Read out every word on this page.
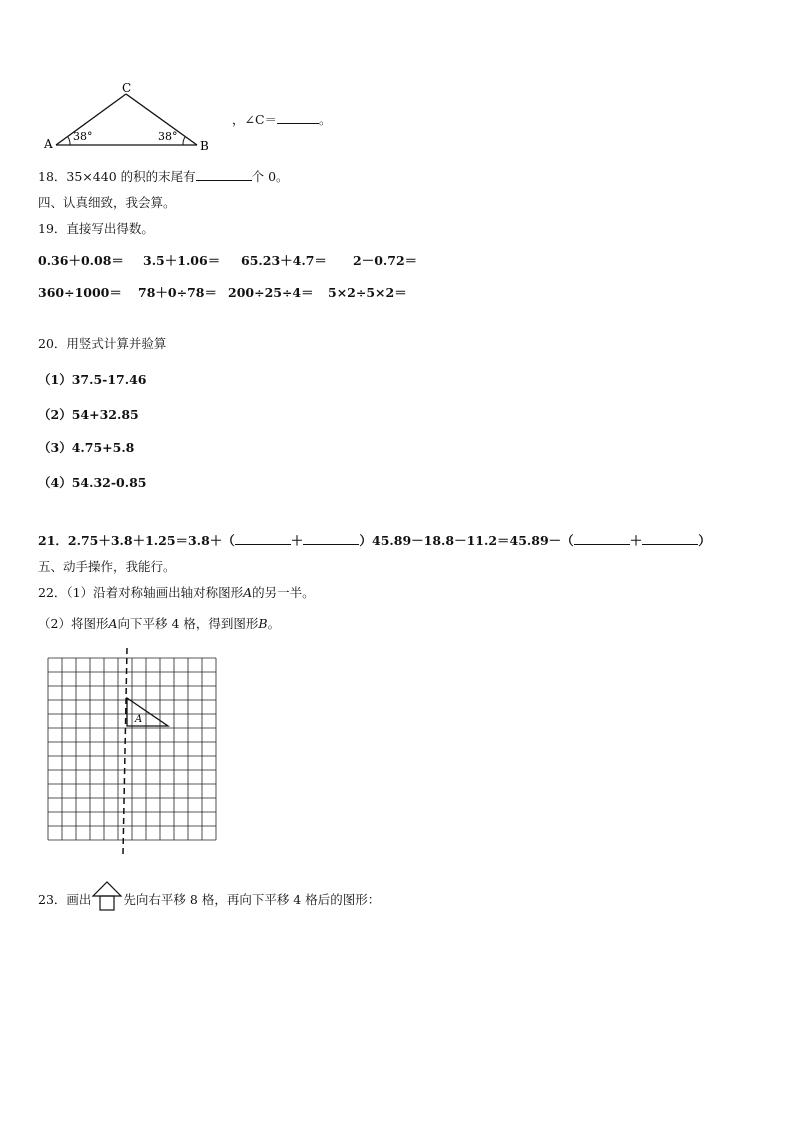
C
A	B
38°	38°
，∠C＝	。
18．35×440 的积的末尾有	个 0。
四、认真细致，我会算。
19．直接写出得数。
0.36＋0.08＝ 3.5＋1.06＝ 65.23＋4.7＝ 2－0.72＝
360÷1000＝ 78＋0÷78＝ 200÷25÷4＝ 5×2÷5×2＝
20．用竖式计算并验算
（1）37.5-17.46
（2）54+32.85
（3）4.75+5.8
（4）54.32-0.85
21．2.75＋3.8＋1.25＝3.8＋（	＋	） 45.89－18.8－11.2＝45.89－（	＋	）
五、动手操作，我能行。
22．（1）沿着对称轴画出轴对称图形A的另一半。
（2）将图形A向下平移 4 格，得到图形B。
A
23．画出	先向右平移 8 格，再向下平移 4 格后的图形：
